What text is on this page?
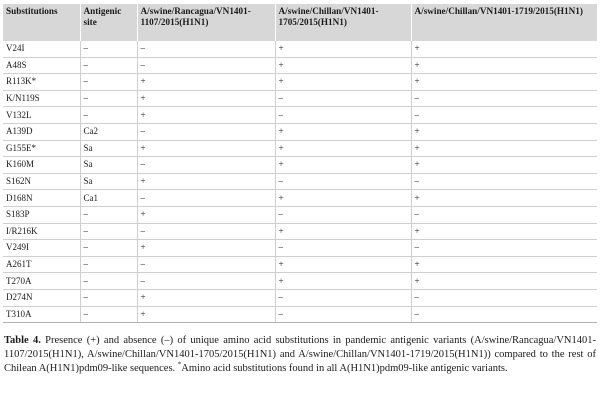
Substitutions	Antigenic site	A/swine/Rancagua/VN1401-1107/2015(H1N1)	A/swine/Chillan/VN1401-1705/2015(H1N1)	A/swine/Chillan/VN1401-1719/2015(H1N1)
V24I	–	–	+	+
A48S	–	–	+	+
R113K*	–	+	+	+
K/N119S	–	+	–	–
V132L	–	+	–	–
A139D	Ca2	–	+	+
G155E*	Sa	+	+	+
K160M	Sa	–	+	+
S162N	Sa	+	–	–
D168N	Ca1	–	+	+
S183P	–	+	–	–
I/R216K	–	–	+	+
V249I	–	+	–	–
A261T	–	–	+	+
T270A	–	–	+	+
D274N	–	+	–	–
T310A	–	+	–	–
Table 4. Presence (+) and absence (–) of unique amino acid substitutions in pandemic antigenic variants (A/swine/Rancagua/VN1401-1107/2015(H1N1), A/swine/Chillan/VN1401-1705/2015(H1N1) and A/swine/Chillan/VN1401-1719/2015(H1N1)) compared to the rest of Chilean A(H1N1)pdm09-like sequences. *Amino acid substitutions found in all A(H1N1)pdm09-like antigenic variants.
